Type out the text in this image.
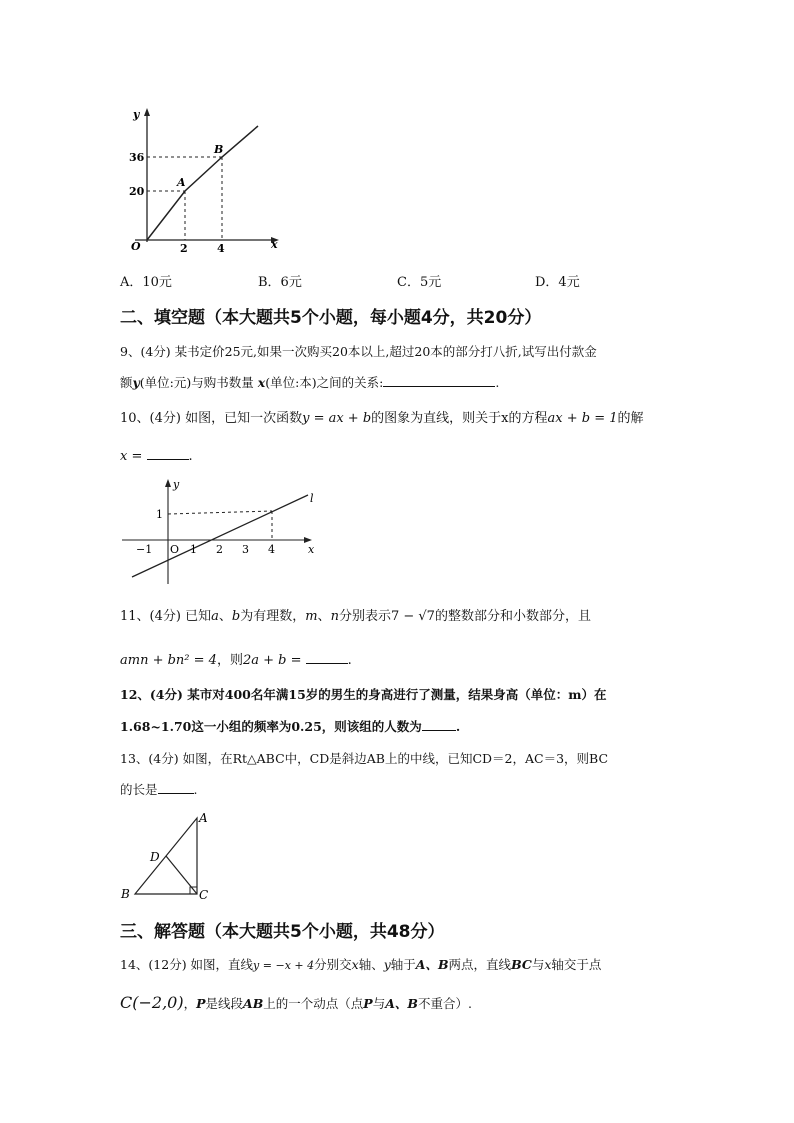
y
x
O
36
20
2	4
A
B
A．10元	B．6元	C．5元	D．4元
二、填空题（本大题共5个小题，每小题4分，共20分）
9、(4分) 某书定价25元,如果一次购买20本以上,超过20本的部分打八折,试写出付款金
额y(单位:元)与购书数量 x(单位:本)之间的关系:	.
10、(4分) 如图，已知一次函数y = ax + b的图象为直线，则关于x的方程ax + b = 1的解
x =	.
−1 O 1 2 3 4
1
y
x
l
11、(4分) 已知a、b为有理数，m、n分别表示7 − √7的整数部分和小数部分，且
amn + bn² = 4，则2a + b =	.
12、(4分) 某市对400名年满15岁的男生的身高进行了测量，结果身高（单位：m）在
1.68~1.70这一小组的频率为0.25，则该组的人数为	.
13、(4分) 如图，在Rt△ABC中，CD是斜边AB上的中线，已知CD＝2，AC＝3，则BC
的长是	.
A
B	C
D
三、解答题（本大题共5个小题，共48分）
14、(12分) 如图，直线y = −x + 4分别交x轴、y轴于A、B两点，直线BC与x轴交于点
C(−2,0)，P是线段AB上的一个动点（点P与A、B不重合）.
